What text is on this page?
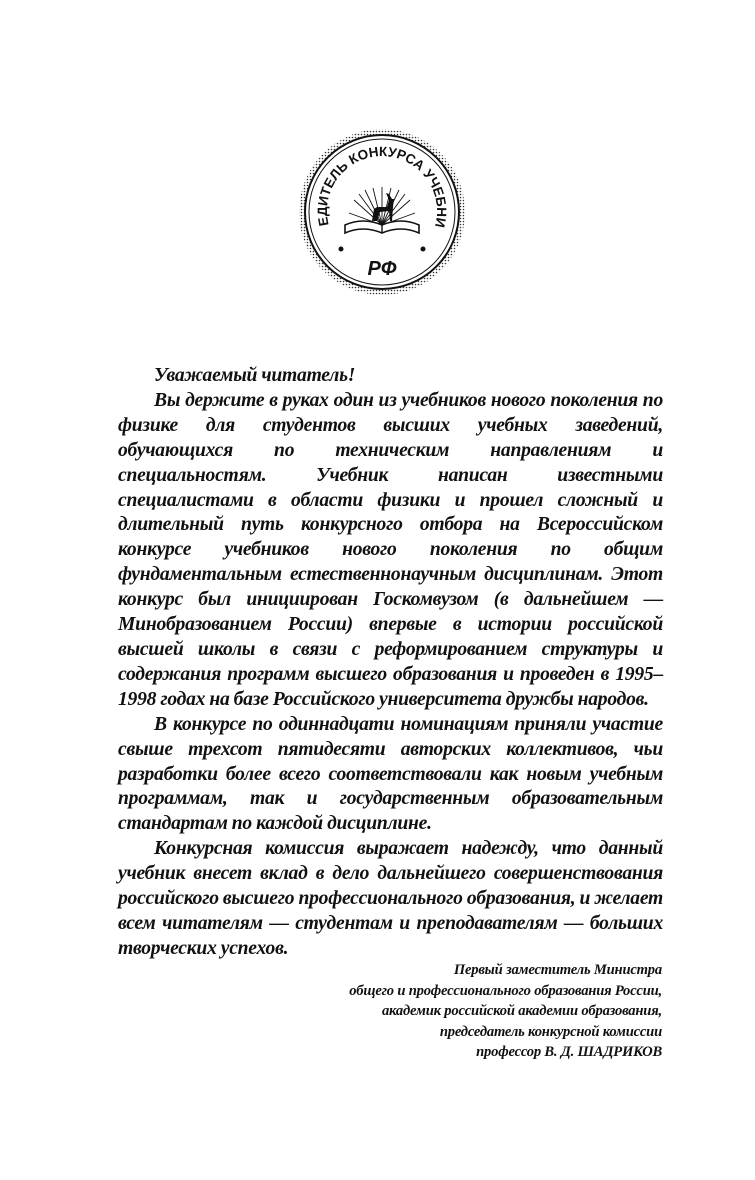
ЕДИТЕЛЬ КОНКУРСА УЧЕБНИ
РФ

Уважаемый читатель!

Вы держите в руках один из учебников нового поколения по физике для студентов высших учебных заведений, обучающихся по техническим направлениям и специальностям. Учебник написан известными специалистами в области физики и прошел сложный и длительный путь конкурсного отбора на Всероссийском конкурсе учебников нового поколения по общим фундаментальным естественнонаучным дисциплинам. Этот конкурс был инициирован Госкомвузом (в дальнейшем — Минобразованием России) впервые в истории российской высшей школы в связи с реформированием структуры и содержания программ высшего образования и проведен в 1995–1998 годах на базе Российского университета дружбы народов.

В конкурсе по одиннадцати номинациям приняли участие свыше трехсот пятидесяти авторских коллективов, чьи разработки более всего соответствовали как новым учебным программам, так и государственным образовательным стандартам по каждой дисциплине.

Конкурсная комиссия выражает надежду, что данный учебник внесет вклад в дело дальнейшего совершенствования российского высшего профессионального образования, и желает всем читателям — студентам и преподавателям — больших творческих успехов.

Первый заместитель Министра
общего и профессионального образования России,
академик российской академии образования,
председатель конкурсной комиссии
профессор В. Д. ШАДРИКОВ
